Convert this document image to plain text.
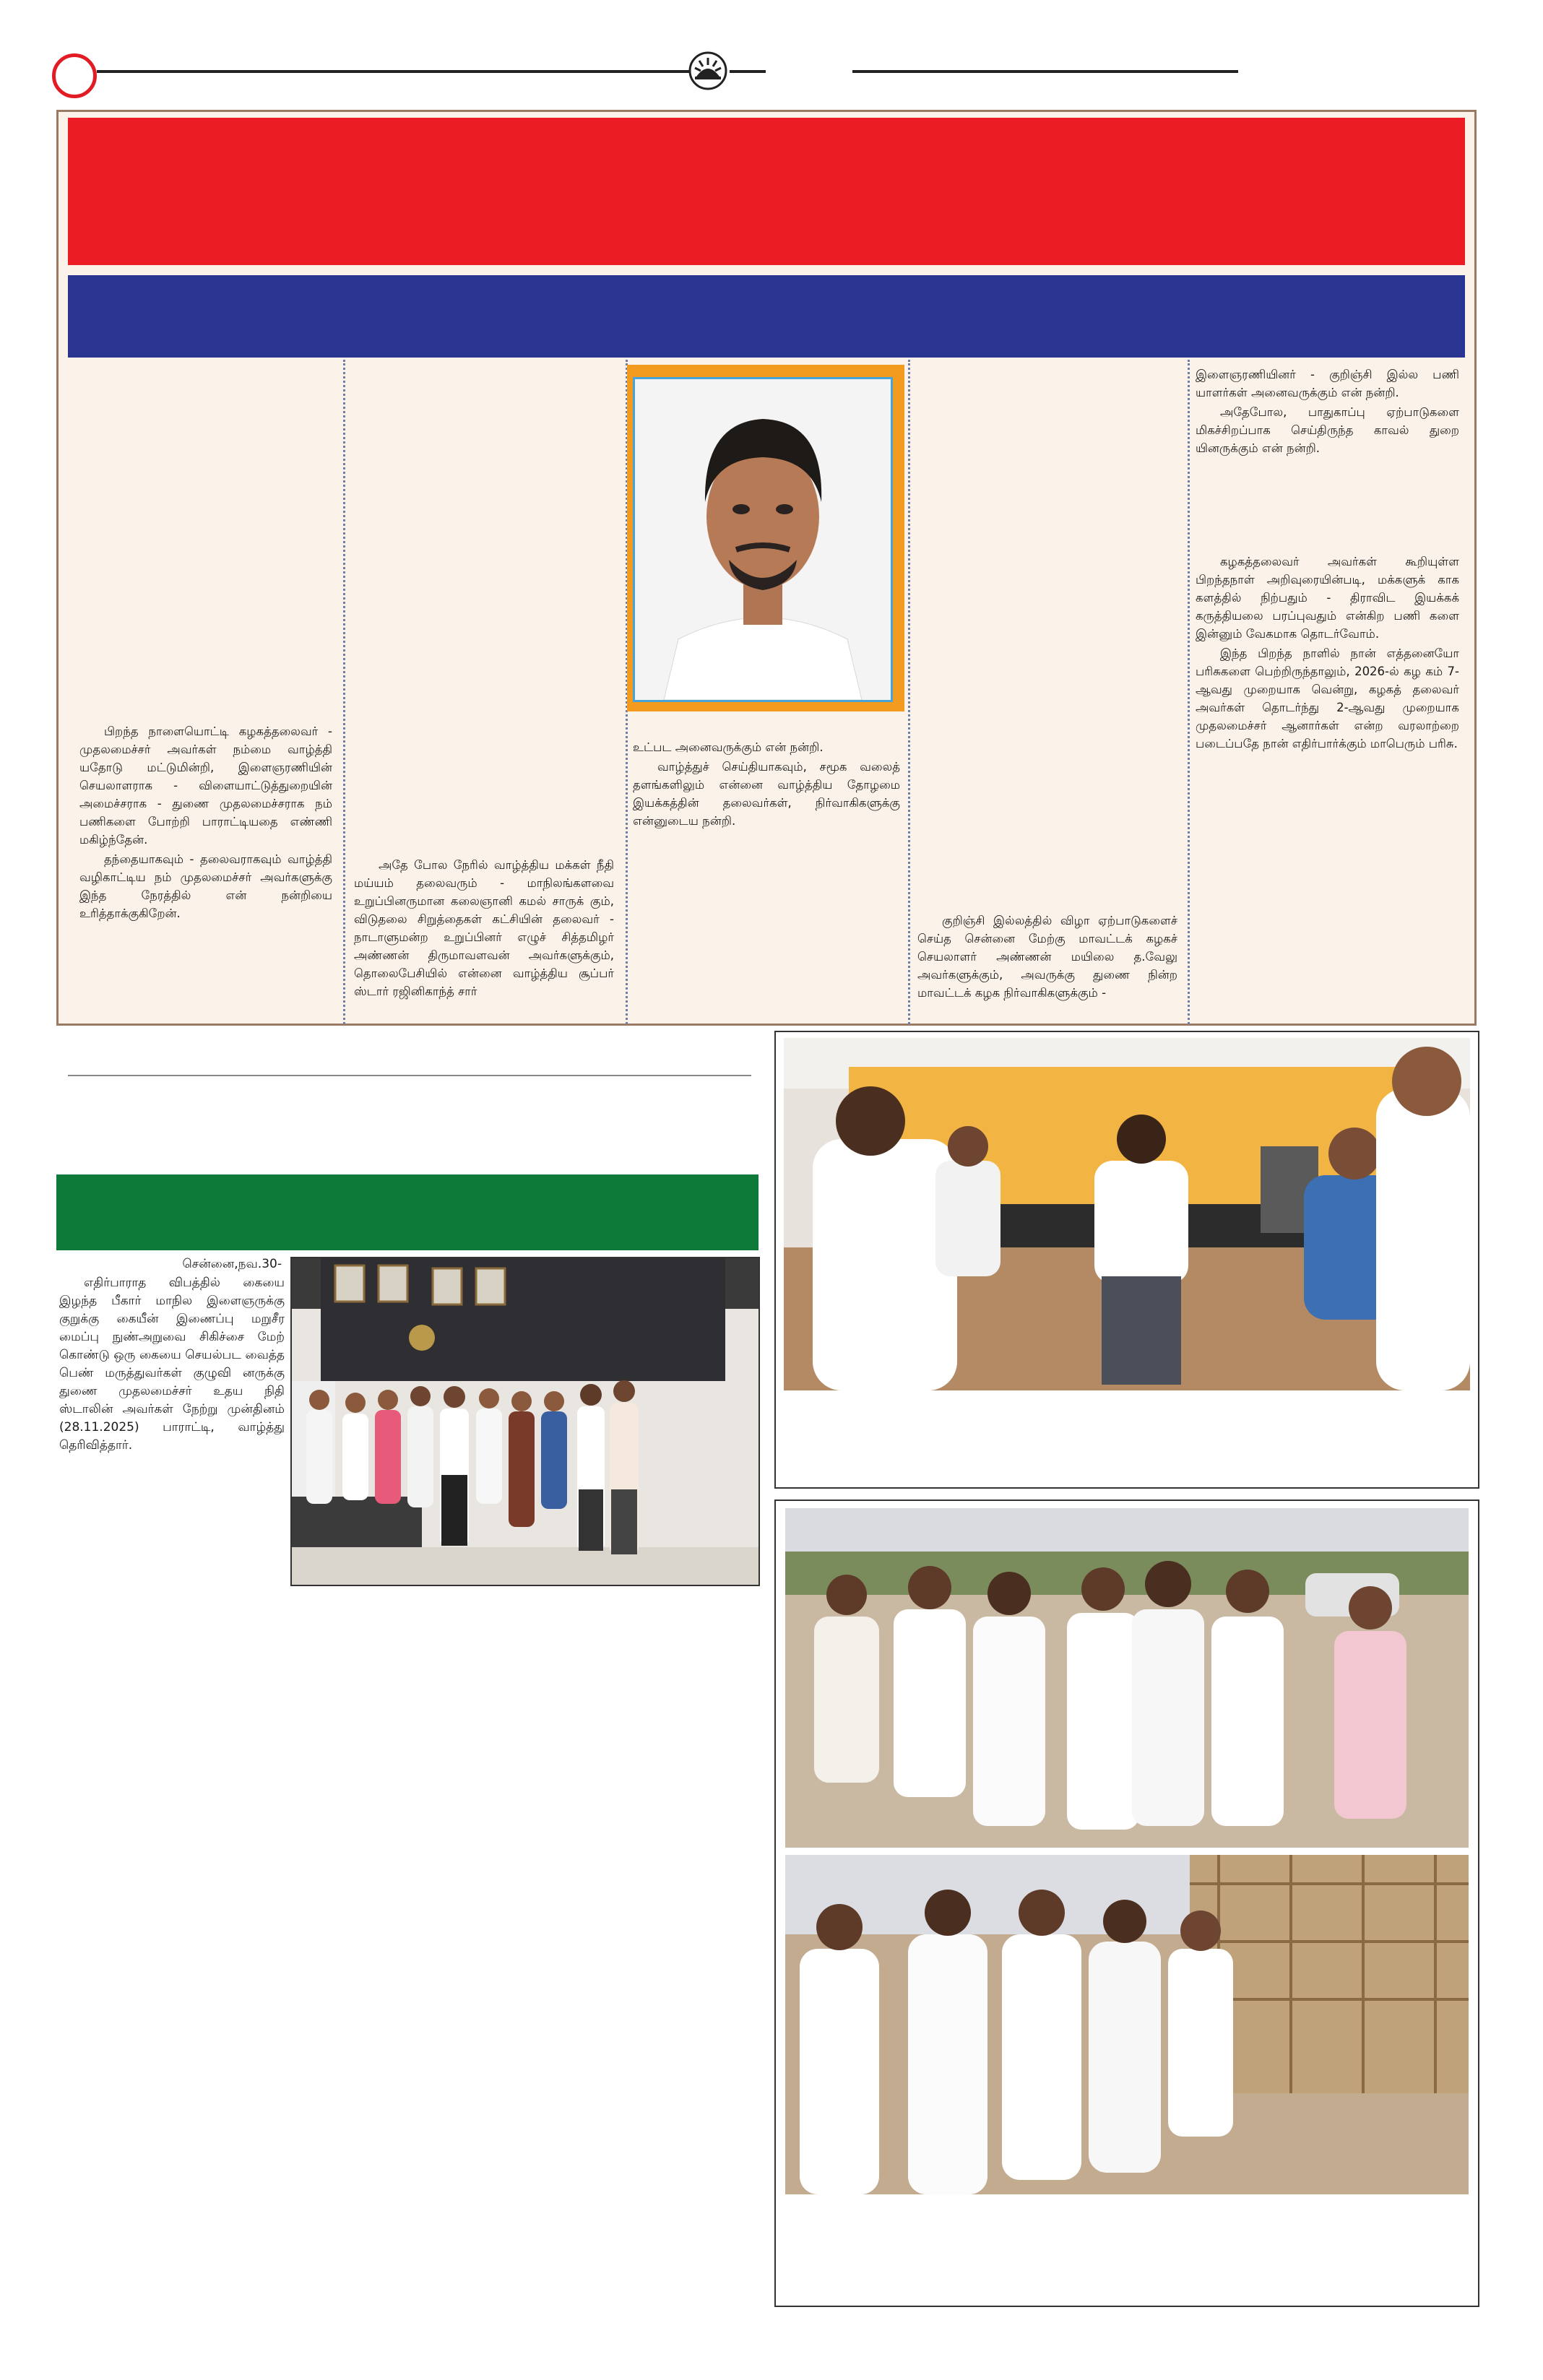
பிறந்த நாளையொட்டி கழகத்தலைவர் - முதலமைச்சர் அவர்கள் நம்மை வாழ்த்தி யதோடு மட்டுமின்றி, இளைஞரணியின் செயலாளராக - விளையாட்டுத்துறையின் அமைச்சராக - துணை முதலமைச்சராக நம் பணிகளை போற்றி பாராட்டியதை எண்ணி மகிழ்ந்தேன்.

தந்தையாகவும் - தலைவராகவும் வாழ்த்தி வழிகாட்டிய நம் முதலமைச்சர் அவர்களுக்கு இந்த நேரத்தில் என் நன்றியை உரித்தாக்குகிறேன்.

அதே போல நேரில் வாழ்த்திய மக்கள் நீதி மய்யம் தலைவரும் - மாநிலங்களவை உறுப்பினருமான கலைஞானி கமல் சாருக் கும், விடுதலை சிறுத்தைகள் கட்சியின் தலைவர் - நாடாளுமன்ற உறுப்பினர் எழுச் சித்தமிழர் அண்ணன் திருமாவளவன் அவர்களுக்கும், தொலைபேசியில் என்னை வாழ்த்திய சூப்பர் ஸ்டார் ரஜினிகாந்த் சார்

உட்பட அனைவருக்கும் என் நன்றி.

வாழ்த்துச் செய்தியாகவும், சமூக வலைத் தளங்களிலும் என்னை வாழ்த்திய தோழமை இயக்கத்தின் தலைவர்கள், நிர்வாகிகளுக்கு என்னுடைய நன்றி.

குறிஞ்சி இல்லத்தில் விழா ஏற்பாடுகளைச் செய்த சென்னை மேற்கு மாவட்டக் கழகச் செயலாளர் அண்ணன் மயிலை த.வேலு அவர்களுக்கும், அவருக்கு துணை நின்ற மாவட்டக் கழக நிர்வாகிகளுக்கும் -

இளைஞரணியினர் - குறிஞ்சி இல்ல பணி யாளர்கள் அனைவருக்கும் என் நன்றி.

அதேபோல, பாதுகாப்பு ஏற்பாடுகளை மிகச்சிறப்பாக செய்திருந்த காவல் துறை யினருக்கும் என் நன்றி.

கழகத்தலைவர் அவர்கள் கூறியுள்ள பிறந்தநாள் அறிவுரையின்படி, மக்களுக் காக களத்தில் நிற்பதும் - திராவிட இயக்கக் கருத்தியலை பரப்புவதும் என்கிற பணி களை இன்னும் வேகமாக தொடர்வோம்.

இந்த பிறந்த நாளில் நான் எத்தனையோ பரிசுகளை பெற்றிருந்தாலும், 2026-ல் கழ கம் 7-ஆவது முறையாக வென்று, கழகத் தலைவர் அவர்கள் தொடர்ந்து 2-ஆவது முறையாக முதலமைச்சர் ஆனார்கள் என்ற வரலாற்றை படைப்பதே நான் எதிர்பார்க்கும் மாபெரும் பரிசு.

சென்னை,நவ.30-

எதிர்பாராத விபத்தில் கையை இழந்த பீகார் மாநில இளைஞருக்கு குறுக்கு கையீன் இணைப்பு மறுசீர மைப்பு நுண்அறுவை சிகிச்சை மேற் கொண்டு ஒரு கையை செயல்பட வைத்த பெண் மருத்துவர்கள் குழுவி னருக்கு துணை முதலமைச்சர் உதய நிதி ஸ்டாலின் அவர்கள் நேற்று முன்தினம் (28.11.2025) பாராட்டி, வாழ்த்து தெரிவித்தார்.
